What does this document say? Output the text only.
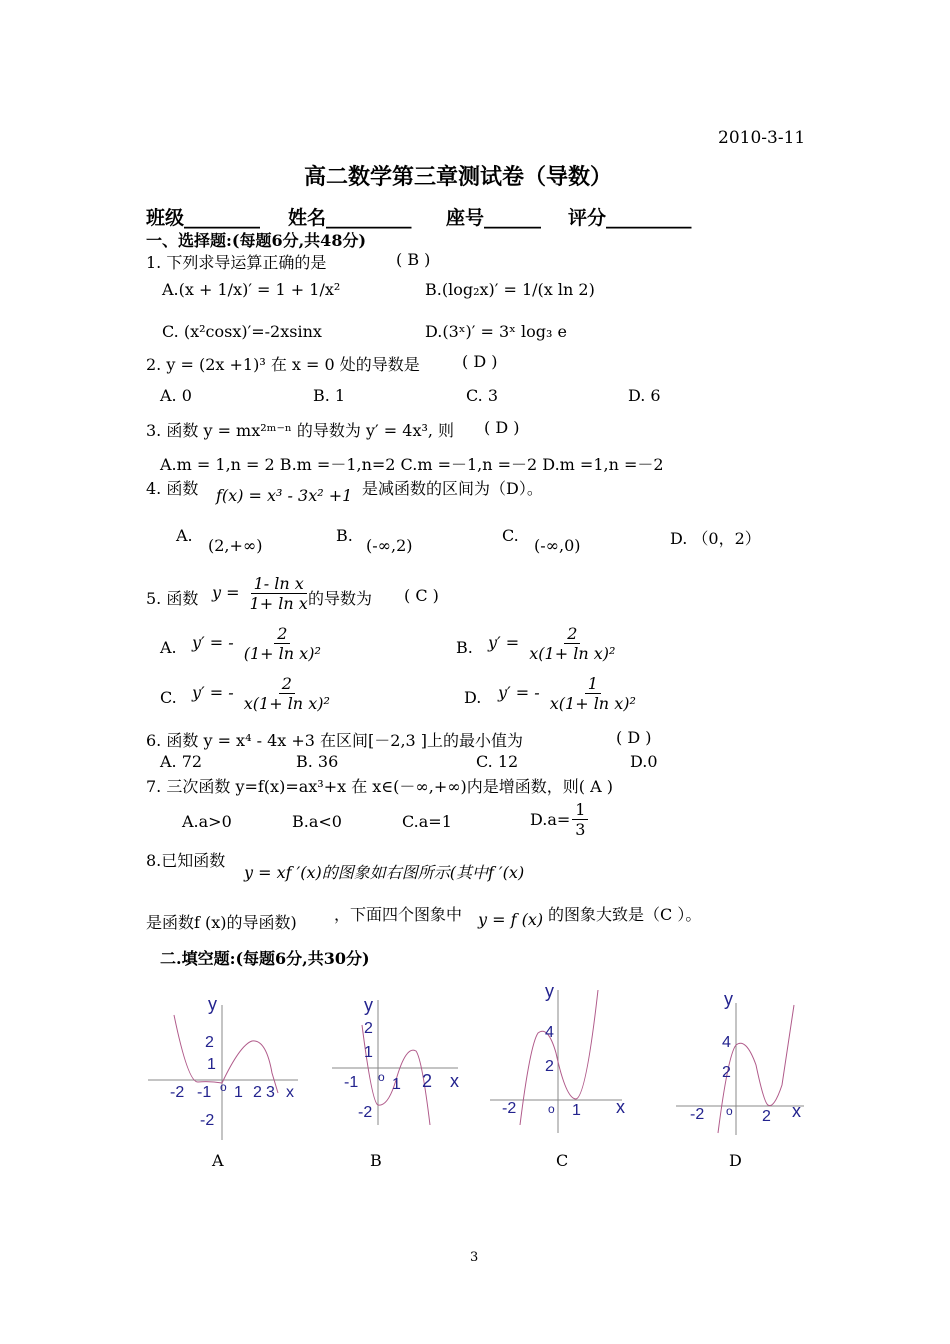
2010-3-11
高二数学第三章测试卷（导数）
班级________ 姓名_________ 座号______ 评分_________
一、选择题:(每题6分,共48分)
1. 下列求导运算正确的是	( B )
A.(x + 1/x)′ = 1 + 1/x²	B.(log₂x)′ = 1/(x ln 2)
C. (x²cosx)′=-2xsinx	D.(3ˣ)′ = 3ˣ log₃ e
2. y = (2x +1)³ 在 x = 0 处的导数是	( D )
A. 0	B. 1	C. 3	D. 6
3. 函数 y = mx²ᵐ⁻ⁿ 的导数为 y′ = 4x³, 则 ( D )
A.m = 1,n = 2 B.m =－1,n=2 C.m =－1,n =－2 D.m =1,n =－2
4. 函数 f(x) = x³ - 3x² +1 是减函数的区间为（D）。
A.
(2,+∞)
B.
(-∞,2)
C.
(-∞,0)	D. （0，2）
5. 函数 $y = \frac{\text{1- ln x}}{\text{1+ ln x}}$
的导数为 ( C )
A. y′ = - $\frac{2}{\text{(1+ ln x)²}}$	B. $y' = \frac{2}{\text{x(1+ ln x)²}}$
C. y′ = - $\frac{2}{\text{x(1+ ln x)²}}$	D. y′ = - $\frac{1}{\text{x(1+ ln x)²}}$
6. 函数 y = x⁴ - 4x +3 在区间[－2,3 ]上的最小值为	( D )
A. 72	B. 36	C. 12	D.0
7. 三次函数 y=f(x)=ax³+x 在 x∈(－∞,+∞)内是增函数，则( A )
A.a>0	B.a<0	C.a=1	$D.a= \frac{1}{3}$
8.已知函数
y = xf ′(x)的图象如右图所示(其中f ′(x)
是函数f (x)的导函数) ，下面四个图象中 y = f (x) 的图象大致是（C ）。
二.填空题:(每题6分,共30分)
y
2
1
-2 -1 o 1 2 3 x
-2
y
2
1
-1 o 1 2 x
-2
y
4
2
-2	o 1 x
y
4
2
-2 o 2 x
A	B	C	D
3
